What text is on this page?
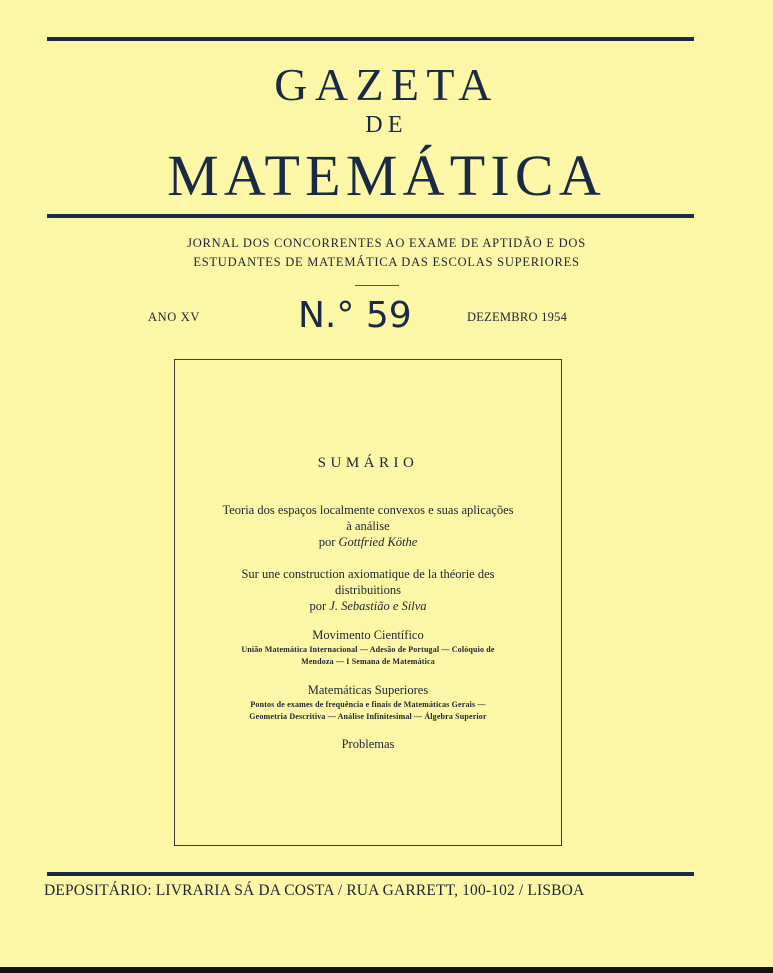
GAZETA
DE
MATEMÁTICA
JORNAL DOS CONCORRENTES AO EXAME DE APTIDÃO E DOS
ESTUDANTES DE MATEMÁTICA DAS ESCOLAS SUPERIORES
ANO XV	N.° 59	DEZEMBRO 1954
SUMÁRIO
Teoria dos espaços localmente convexos e suas aplicações
à análise
por Gottfried Köthe
Sur une construction axiomatique de la théorie des
distribuitions
por J. Sebastião e Silva
Movimento Científico
União Matemática Internacional — Adesão de Portugal — Colóquio de
Mendoza — I Semana de Matemática
Matemáticas Superiores
Pontos de exames de frequência e finais de Matemáticas Gerais —
Geometria Descritiva — Análise Infinitesimal — Álgebra Superior
Problemas
DEPOSITÁRIO: LIVRARIA SÁ DA COSTA / RUA GARRETT, 100-102 / LISBOA
